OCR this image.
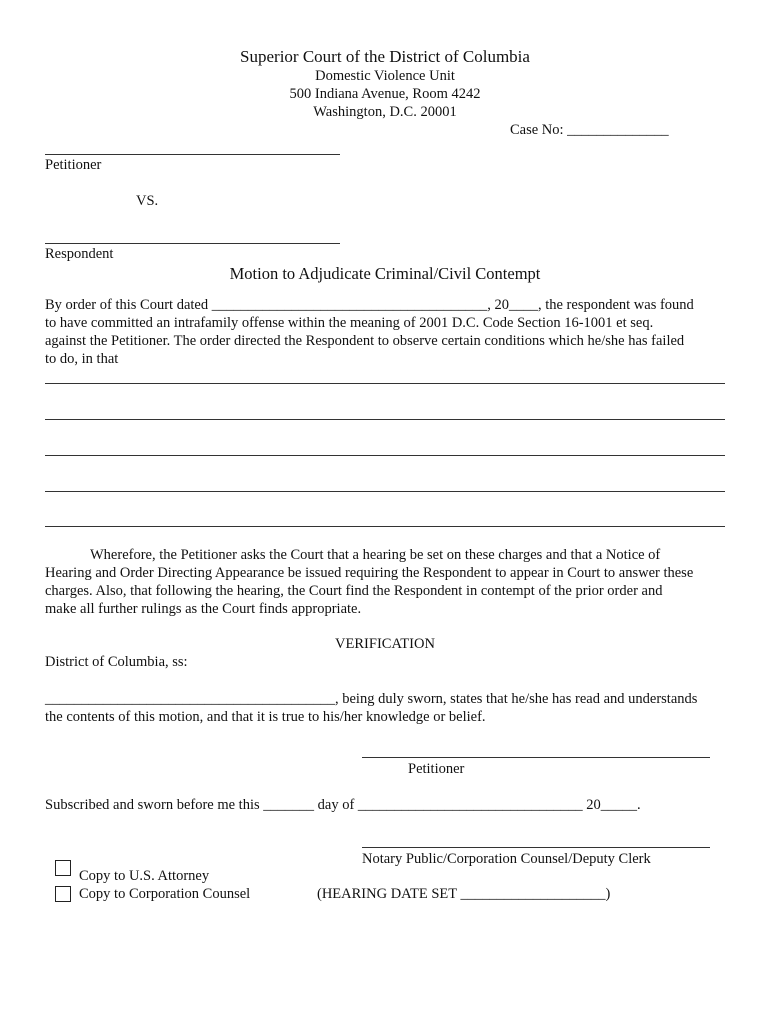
Superior Court of the District of Columbia
Domestic Violence Unit
500 Indiana Avenue, Room 4242
Washington, D.C. 20001
Case No: ______________
Petitioner
VS.
Respondent
Motion to Adjudicate Criminal/Civil Contempt

By order of this Court dated ______________________________________, 20____, the respondent was found

to have committed an intrafamily offense within the meaning of 2001 D.C. Code Section 16-1001 et seq.

against the Petitioner. The order directed the Respondent to observe certain conditions which he/she has failed

to do, in that

Wherefore, the Petitioner asks the Court that a hearing be set on these charges and that a Notice of

Hearing and Order Directing Appearance be issued requiring the Respondent to appear in Court to answer these

charges. Also, that following the hearing, the Court find the Respondent in contempt of the prior order and

make all further rulings as the Court finds appropriate.

VERIFICATION
District of Columbia, ss:

________________________________________, being duly sworn, states that he/she has read and understands

the contents of this motion, and that it is true to his/her knowledge or belief.

Petitioner
Subscribed and sworn before me this _______ day of _______________________________ 20_____.
Notary Public/Corporation Counsel/Deputy Clerk
Copy to U.S. Attorney
Copy to Corporation Counsel	(HEARING DATE SET ____________________)
